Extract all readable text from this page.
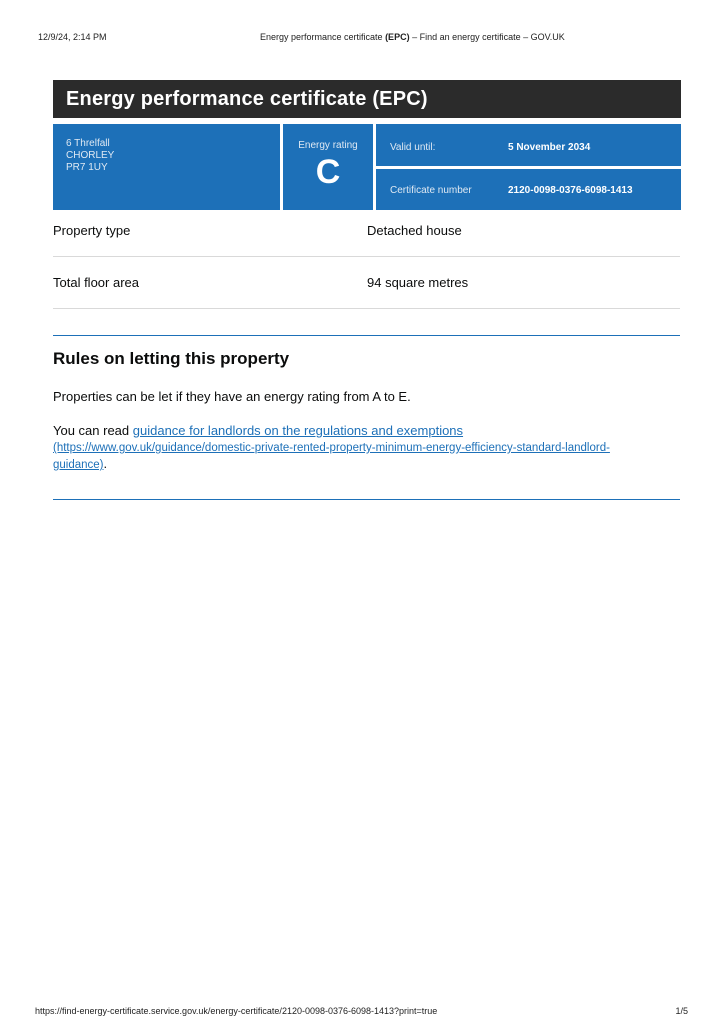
12/9/24, 2:14 PM	Energy performance certificate (EPC) – Find an energy certificate – GOV.UK
Energy performance certificate (EPC)
6 Threlfall
CHORLEY
PR7 1UY
Energy rating
C
Valid until:	5 November 2034
Certificate number	2120-0098-0376-6098-1413
Property type	Detached house
Total floor area	94 square metres
Rules on letting this property
Properties can be let if they have an energy rating from A to E.
You can read guidance for landlords on the regulations and exemptions
(https://www.gov.uk/guidance/domestic-private-rented-property-minimum-energy-efficiency-standard-landlord-
guidance).
https://find-energy-certificate.service.gov.uk/energy-certificate/2120-0098-0376-6098-1413?print=true	1/5
